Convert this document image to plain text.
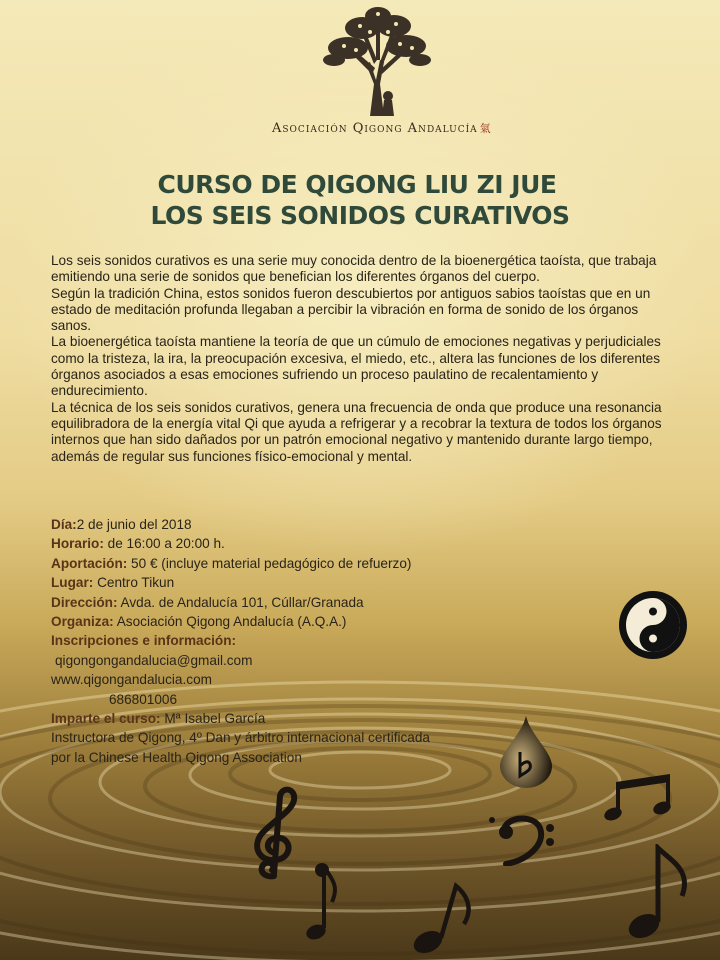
Asociación Qigong Andalucía 氣
CURSO DE QIGONG LIU ZI JUE
LOS SEIS SONIDOS CURATIVOS

Los seis sonidos curativos es una serie muy conocida dentro de la bioenergética taoísta, que trabaja emitiendo una serie de sonidos que benefician los diferentes órganos del cuerpo.

Según la tradición China, estos sonidos fueron descubiertos por antiguos sabios taoístas que en un estado de meditación profunda llegaban a percibir la vibración en forma de sonido de los órganos sanos.

La bioenergética taoísta mantiene la teoría de que un cúmulo de emociones negativas y perjudiciales como la tristeza, la ira, la preocupación excesiva, el miedo, etc., altera las funciones de los diferentes órganos asociados a esas emociones sufriendo un proceso paulatino de recalentamiento y endurecimiento.

La técnica de los seis sonidos curativos, genera una frecuencia de onda que produce una resonancia equilibradora de la energía vital Qi que ayuda a refrigerar y a recobrar la textura de todos los órganos internos que han sido dañados por un patrón emocional negativo y mantenido durante largo tiempo, además de regular sus funciones físico-emocional y mental.

Día:2 de junio del 2018
Horario: de 16:00 a 20:00 h.
Aportación: 50 € (incluye material pedagógico de refuerzo)
Lugar: Centro Tikun
Dirección: Avda. de Andalucía 101, Cúllar/Granada
Organiza: Asociación Qigong Andalucía (A.Q.A.)
Inscripciones e información:
qigongongandalucia@gmail.com
www.qigongandalucia.com
686801006
Imparte el curso: Mª Isabel García
Instructora de Qigong, 4º Dan y árbitro internacional certificada
por la Chinese Health Qigong Association
